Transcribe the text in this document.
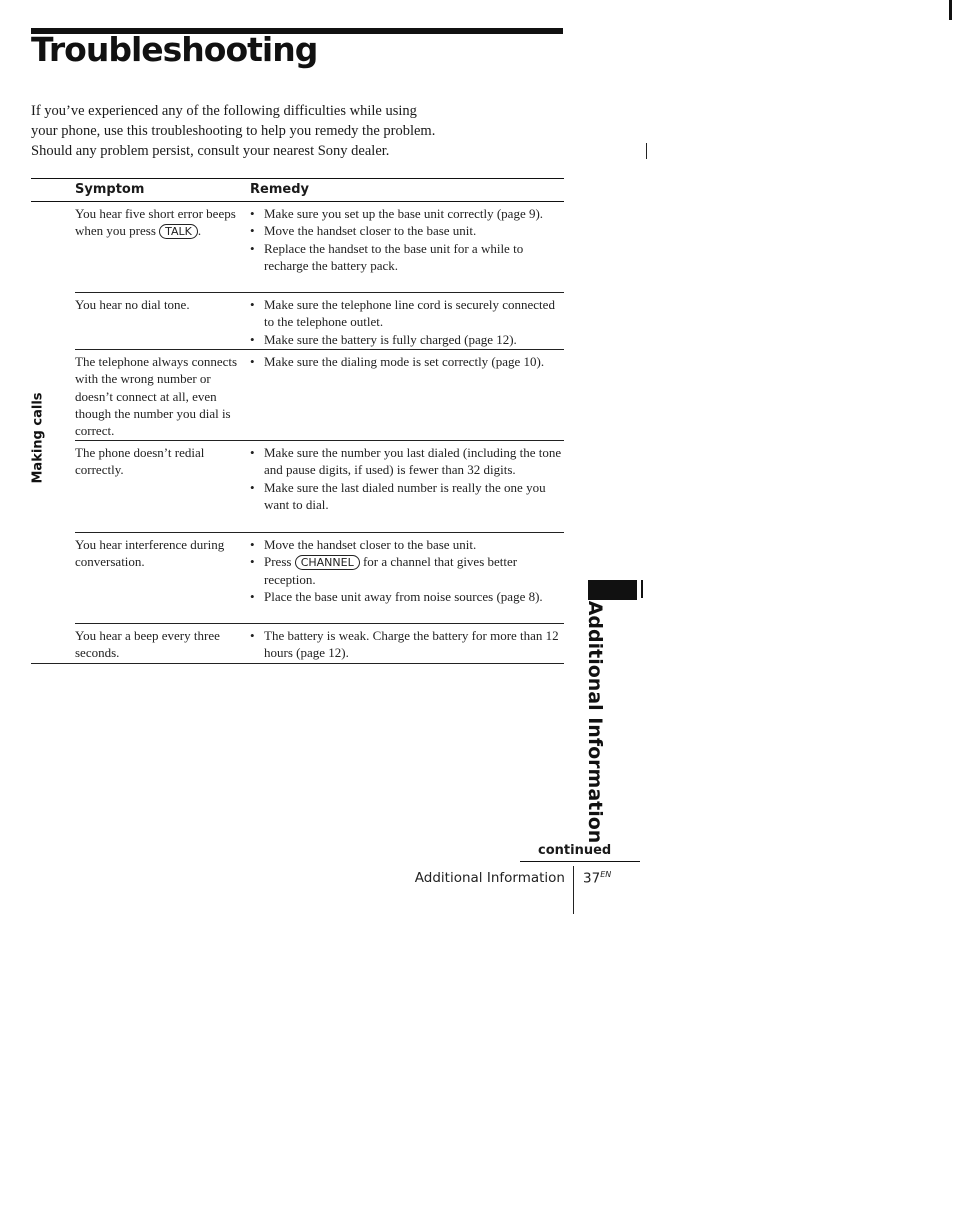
Troubleshooting
If you’ve experienced any of the following difficulties while using
your phone, use this troubleshooting to help you remedy the problem.
Should any problem persist, consult your nearest Sony dealer.
Symptom	Remedy
You hear five short error beeps when you press TALK .
• Make sure you set up the base unit correctly (page 9).
• Move the handset closer to the base unit.
• Replace the handset to the base unit for a while to recharge the battery pack.
You hear no dial tone.
•	Make sure the telephone line cord is securely connected to the telephone outlet.
• Make sure the battery is fully charged (page 12).
The telephone always connects with the wrong number or doesn’t connect at all, even though the number you dial is correct.
• Make sure the dialing mode is set correctly (page 10).
The phone doesn’t redial correctly.
• Make sure the number you last dialed (including the tone and pause digits, if used) is fewer than 32 digits.
• Make sure the last dialed number is really the one you want to dial.
You hear interference during conversation.
• Move the handset closer to the base unit.
• Press CHANNEL for a channel that gives better reception.
• Place the base unit away from noise sources (page 8).
You hear a beep every three seconds.
• The battery is weak. Charge the battery for more than 12 hours (page 12).
Making calls
Additional Information
continued
Additional Information $37^{EN}$
